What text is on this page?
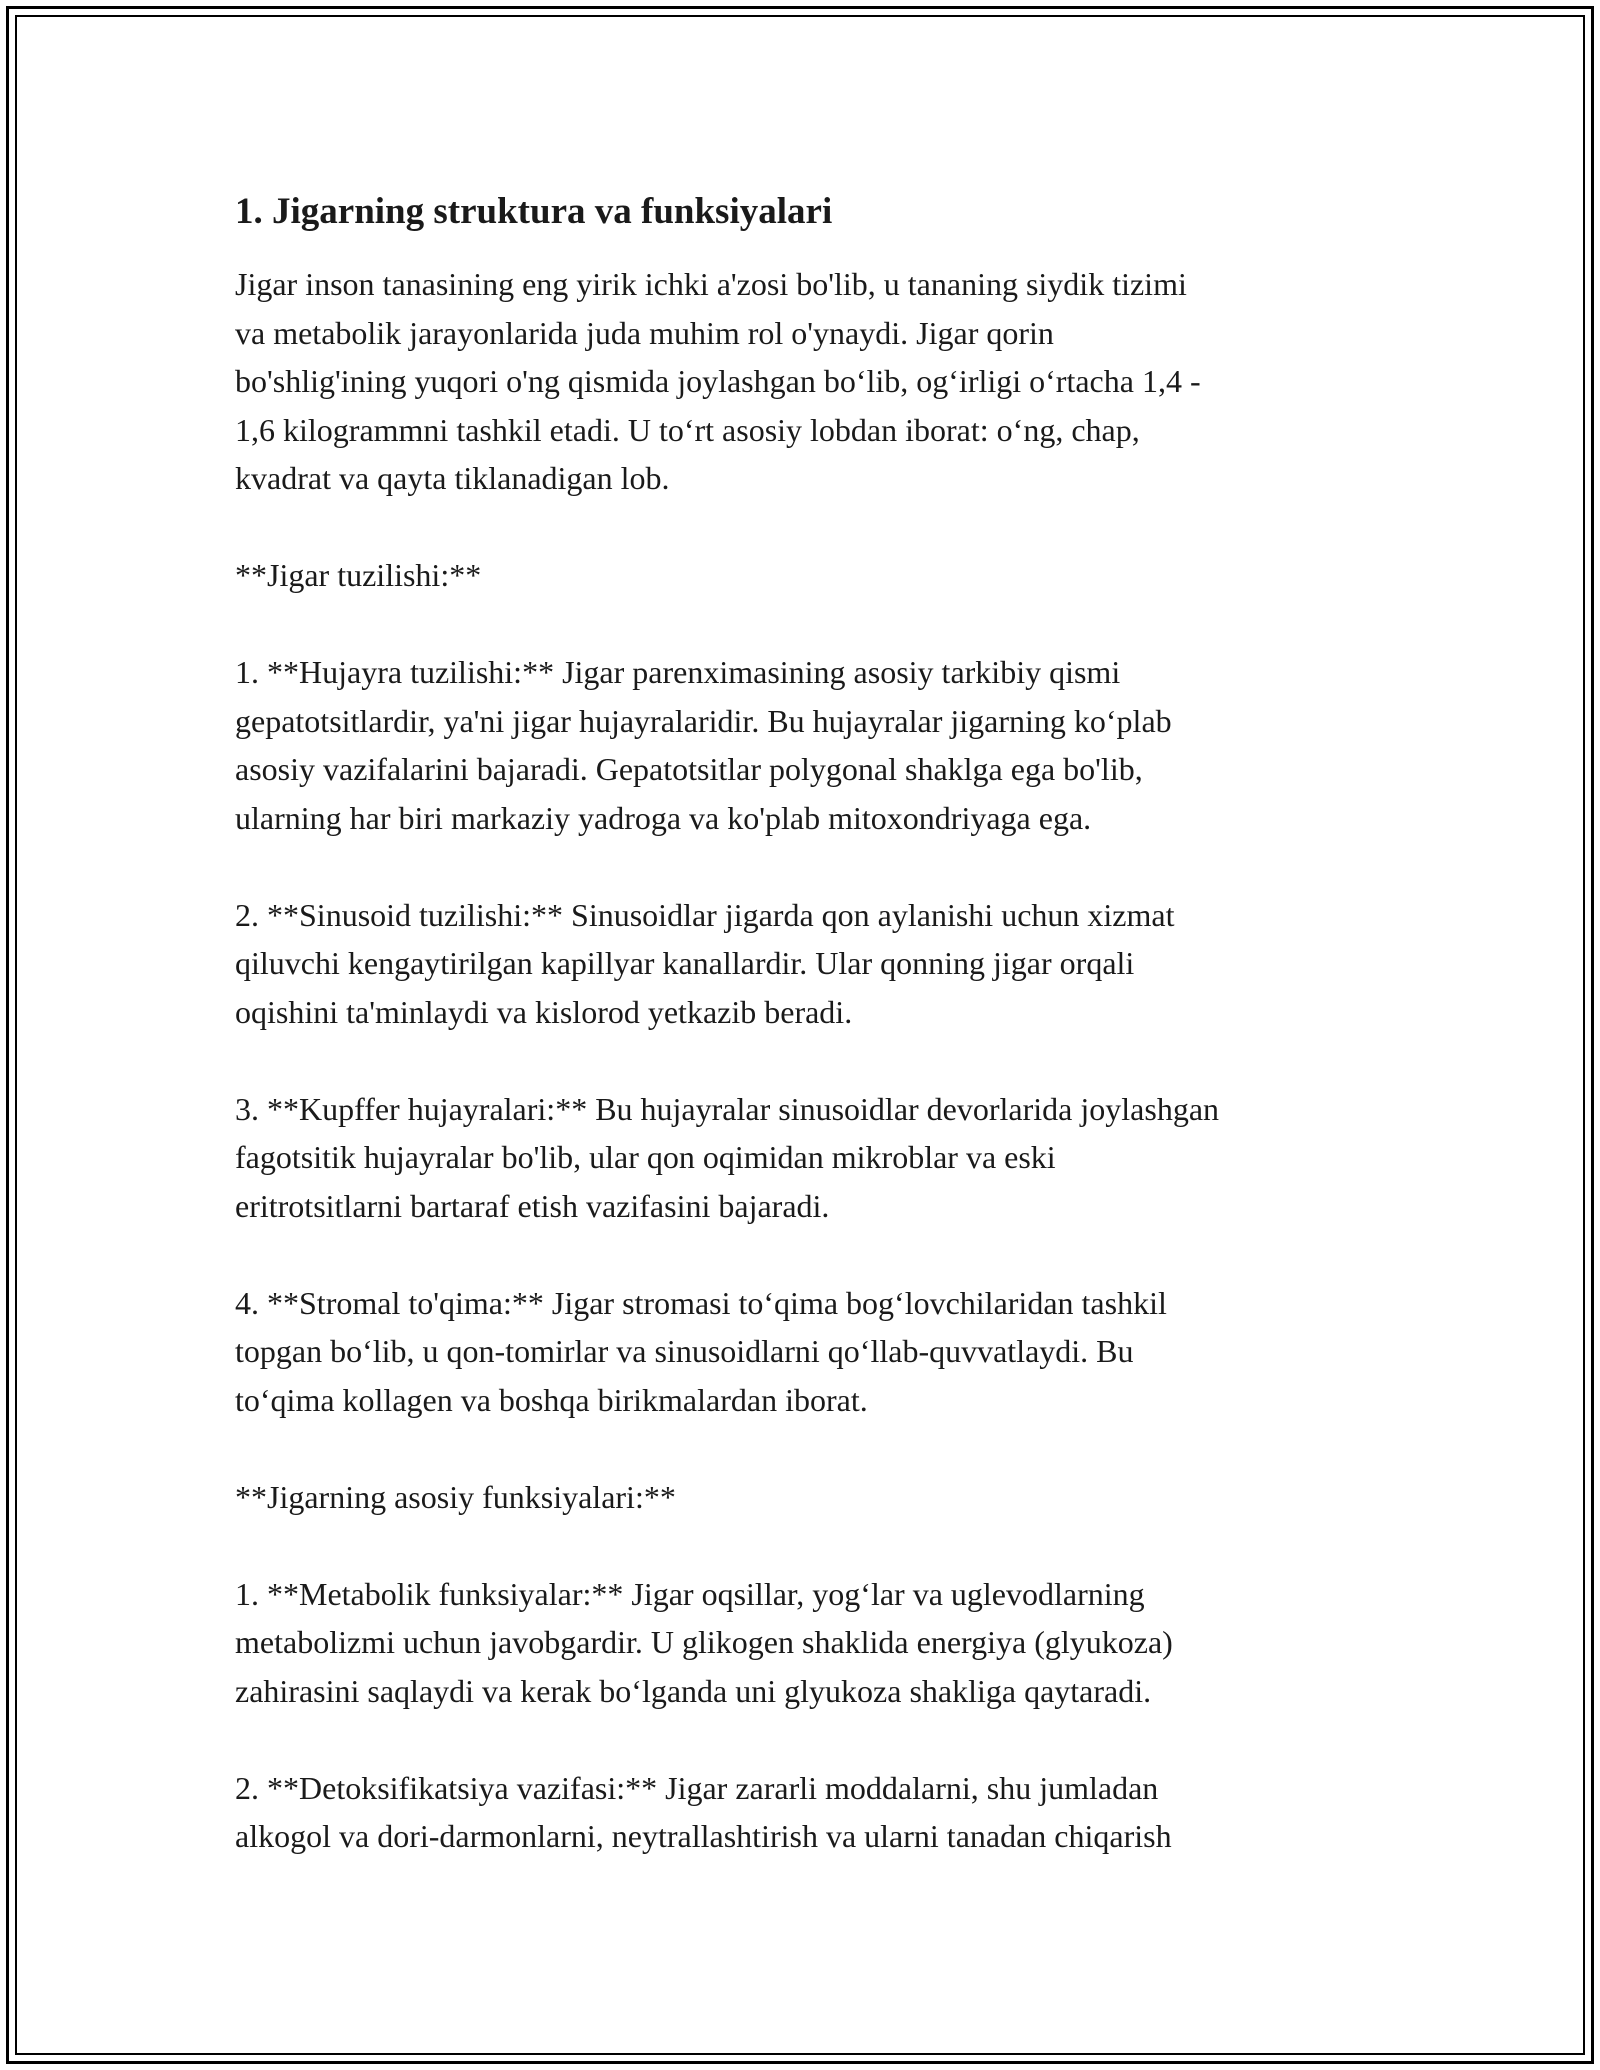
1. Jigarning struktura va funksiyalari
Jigar inson tanasining eng yirik ichki a'zosi bo'lib, u tananing siydik tizimi
va metabolik jarayonlarida juda muhim rol o'ynaydi. Jigar qorin
bo'shlig'ining yuqori o'ng qismida joylashgan bo‘lib, og‘irligi o‘rtacha 1,4 -
1,6 kilogrammni tashkil etadi. U to‘rt asosiy lobdan iborat: o‘ng, chap,
kvadrat va qayta tiklanadigan lob.
**Jigar tuzilishi:**
1. **Hujayra tuzilishi:** Jigar parenximasining asosiy tarkibiy qismi
gepatotsitlardir, ya'ni jigar hujayralaridir. Bu hujayralar jigarning ko‘plab
asosiy vazifalarini bajaradi. Gepatotsitlar polygonal shaklga ega bo'lib,
ularning har biri markaziy yadroga va ko'plab mitoxondriyaga ega.
2. **Sinusoid tuzilishi:** Sinusoidlar jigarda qon aylanishi uchun xizmat
qiluvchi kengaytirilgan kapillyar kanallardir. Ular qonning jigar orqali
oqishini ta'minlaydi va kislorod yetkazib beradi.
3. **Kupffer hujayralari:** Bu hujayralar sinusoidlar devorlarida joylashgan
fagotsitik hujayralar bo'lib, ular qon oqimidan mikroblar va eski
eritrotsitlarni bartaraf etish vazifasini bajaradi.
4. **Stromal to'qima:** Jigar stromasi to‘qima bog‘lovchilaridan tashkil
topgan bo‘lib, u qon-tomirlar va sinusoidlarni qo‘llab-quvvatlaydi. Bu
to‘qima kollagen va boshqa birikmalardan iborat.
**Jigarning asosiy funksiyalari:**
1. **Metabolik funksiyalar:** Jigar oqsillar, yog‘lar va uglevodlarning
metabolizmi uchun javobgardir. U glikogen shaklida energiya (glyukoza)
zahirasini saqlaydi va kerak bo‘lganda uni glyukoza shakliga qaytaradi.
2. **Detoksifikatsiya vazifasi:** Jigar zararli moddalarni, shu jumladan
alkogol va dori-darmonlarni, neytrallashtirish va ularni tanadan chiqarish
